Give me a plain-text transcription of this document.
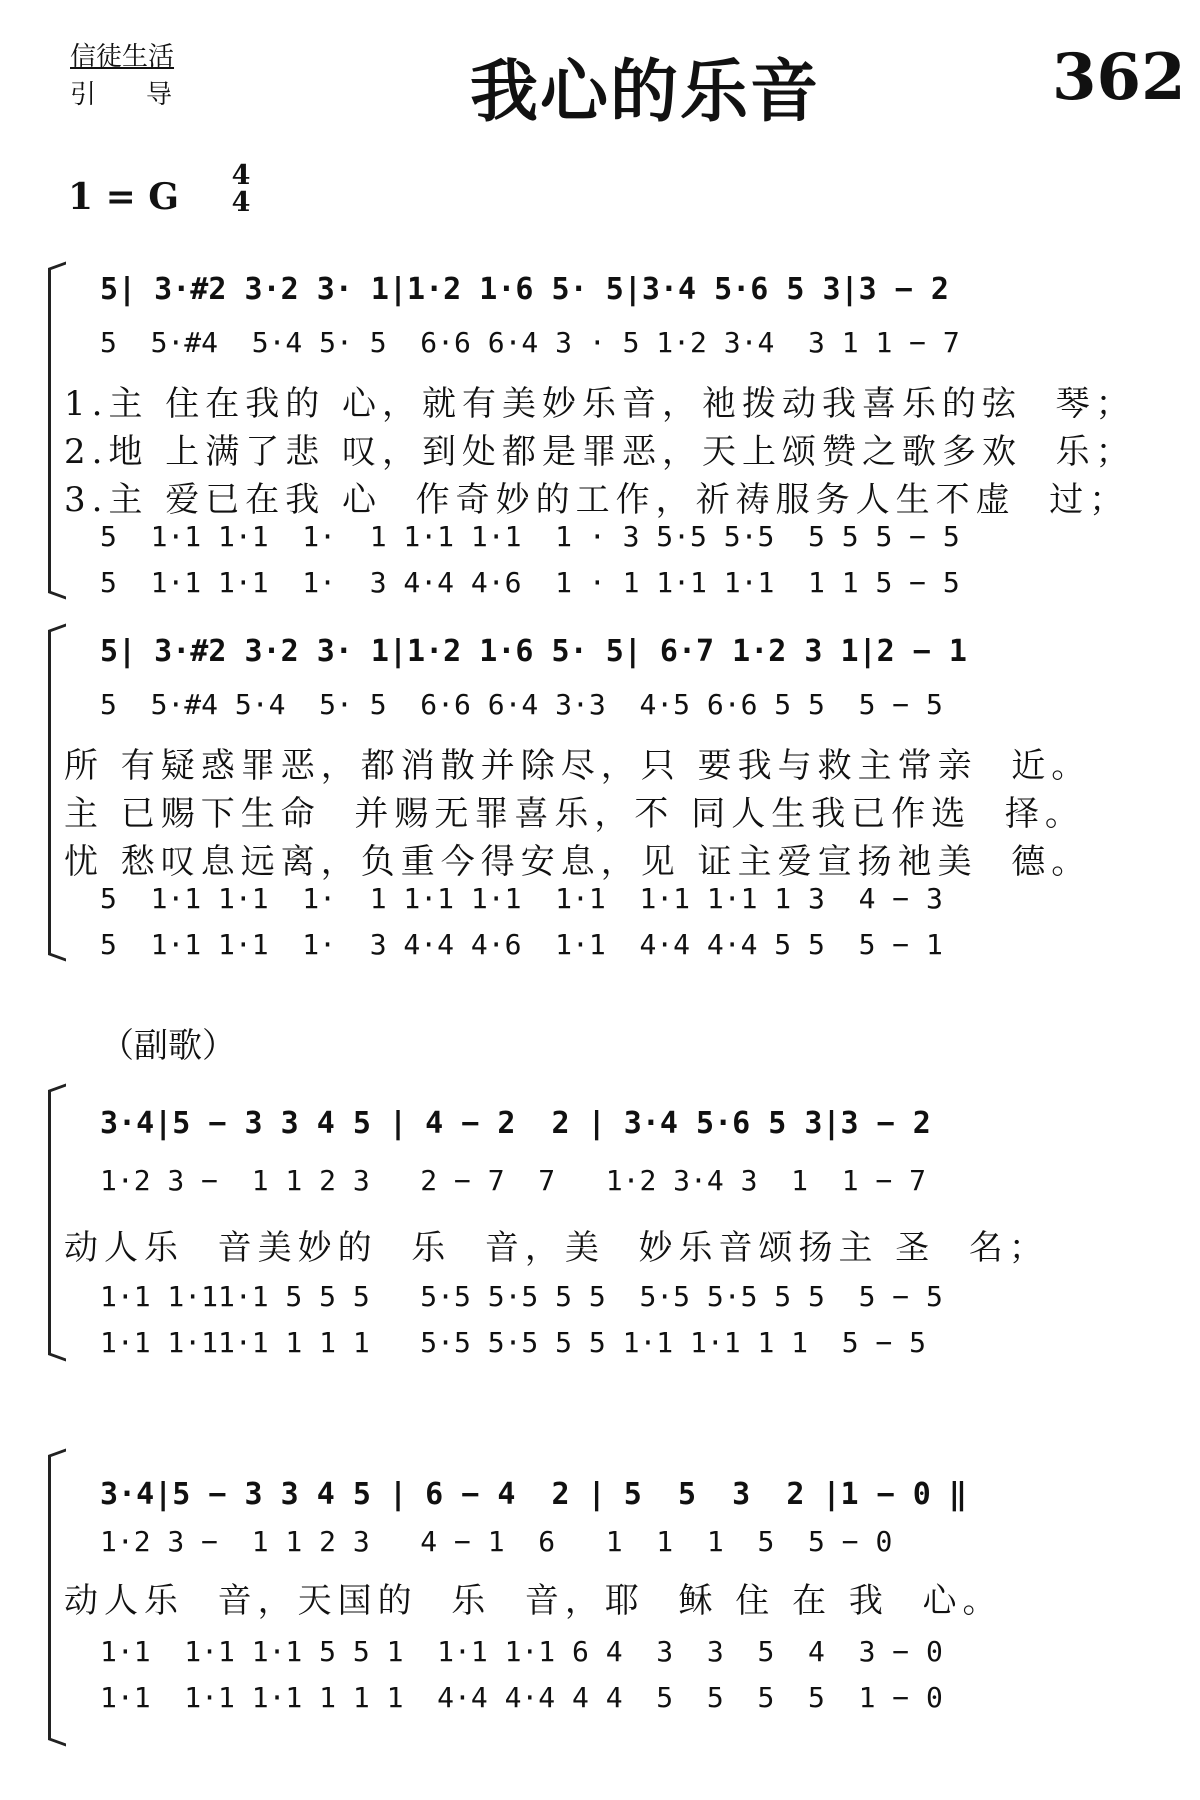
信徒生活
引导	我心的乐音	362
1 = G
4
4
5| 3·#2 3·2 3· 1|1·2 1·6 5· 5|3·4 5·6 5 3|3 − 2
5  5·#4  5·4 5· 5  6·6 6·4 3 · 5 1·2 3·4  3 1 1 − 7
1.主 住在我的 心，就有美妙乐音，祂拨动我喜乐的弦  琴；
2.地 上满了悲 叹，到处都是罪恶，天上颂赞之歌多欢  乐；
3.主 爱已在我 心  作奇妙的工作，祈祷服务人生不虚  过；
5  1·1 1·1  1·  1 1·1 1·1  1 · 3 5·5 5·5  5 5 5 − 5
5  1·1 1·1  1·  3 4·4 4·6  1 · 1 1·1 1·1  1 1 5 − 5
5| 3·#2 3·2 3· 1|1·2 1·6 5· 5| 6·7 1·2 3 1|2 − 1
5  5·#4 5·4  5· 5  6·6 6·4 3·3  4·5 6·6 5 5  5 − 5
所 有疑惑罪恶，都消散并除尽，只 要我与救主常亲  近。
主 已赐下生命  并赐无罪喜乐，不 同人生我已作选  择。
忧 愁叹息远离，负重今得安息，见 证主爱宣扬祂美  德。
5  1·1 1·1  1·  1 1·1 1·1  1·1  1·1 1·1 1 3  4 − 3
5  1·1 1·1  1·  3 4·4 4·6  1·1  4·4 4·4 5 5  5 − 1
（副歌）
3·4|5 − 3 3 4 5 | 4 − 2  2 | 3·4 5·6 5 3|3 − 2
1·2 3 −  1 1 2 3   2 − 7  7   1·2 3·4 3  1  1 − 7
动人乐  音美妙的  乐  音，美  妙乐音颂扬主 圣  名；
1·1 1·11·1 5 5 5   5·5 5·5 5 5  5·5 5·5 5 5  5 − 5
1·1 1·11·1 1 1 1   5·5 5·5 5 5 1·1 1·1 1 1  5 − 5
3·4|5 − 3 3 4 5 | 6 − 4  2 | 5  5  3  2 |1 − 0 ‖
1·2 3 −  1 1 2 3   4 − 1  6   1  1  1  5  5 − 0
动人乐  音，天国的  乐  音，耶  稣 住 在 我  心。
1·1  1·1 1·1 5 5 1  1·1 1·1 6 4  3  3  5  4  3 − 0
1·1  1·1 1·1 1 1 1  4·4 4·4 4 4  5  5  5  5  1 − 0
